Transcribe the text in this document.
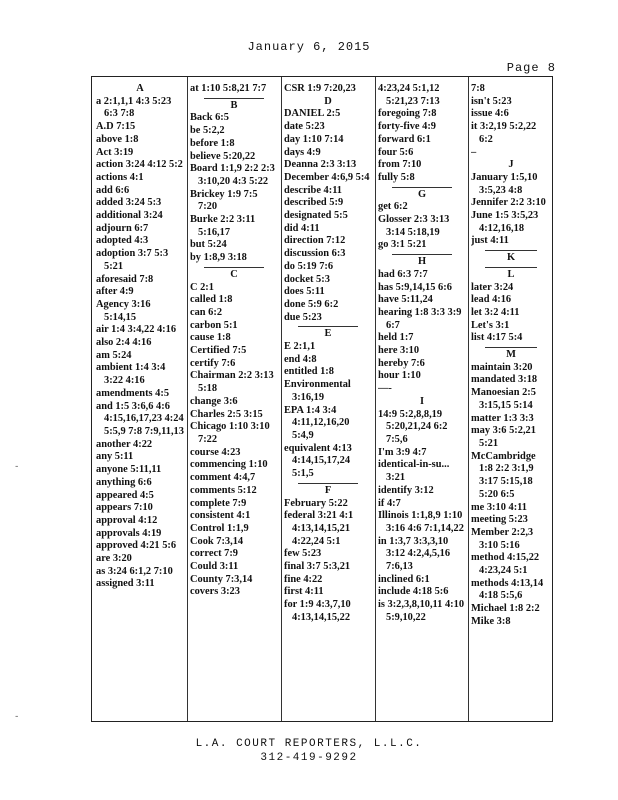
January 6, 2015
Page 8
A
a 2:1,1,1 4:3 5:23 6:3 7:8
A.D 7:15
above 1:8
Act 3:19
action 3:24 4:12 5:2
actions 4:1
add 6:6
added 3:24 5:3
additional 3:24
adjourn 6:7
adopted 4:3
adoption 3:7 5:3 5:21
aforesaid 7:8
after 4:9
Agency 3:16 5:14,15
air 1:4 3:4,22 4:16
also 2:4 4:16
am 5:24
ambient 1:4 3:4 3:22 4:16
amendments 4:5
and 1:5 3:6,6 4:6 4:15,16,17,23 4:24 5:5,9 7:8 7:9,11,13
another 4:22
any 5:11
anyone 5:11,11
anything 6:6
appeared 4:5
appears 7:10
approval 4:12
approvals 4:19
approved 4:21 5:6
are 3:20
as 3:24 6:1,2 7:10
assigned 3:11
at 1:10 5:8,21 7:7
B
Back 6:5
be 5:2,2
before 1:8
believe 5:20,22
Board 1:1,9 2:2 2:3 3:10,20 4:3 5:22
Brickey 1:9 7:5 7:20
Burke 2:2 3:11 5:16,17
but 5:24
by 1:8,9 3:18
C
C 2:1
called 1:8
can 6:2
carbon 5:1
cause 1:8
Certified 7:5
certify 7:6
Chairman 2:2 3:13 5:18
change 3:6
Charles 2:5 3:15
Chicago 1:10 3:10 7:22
course 4:23
commencing 1:10
comment 4:4,7
comments 5:12
complete 7:9
consistent 4:1
Control 1:1,9
Cook 7:3,14
correct 7:9
Could 3:11
County 7:3,14
covers 3:23
CSR 1:9 7:20,23
D
DANIEL 2:5
date 5:23
day 1:10 7:14
days 4:9
Deanna 2:3 3:13
December 4:6,9 5:4
describe 4:11
described 5:9
designated 5:5
did 4:11
direction 7:12
discussion 6:3
do 5:19 7:6
docket 5:3
does 5:11
done 5:9 6:2
due 5:23
E
E 2:1,1
end 4:8
entitled 1:8
Environmental 3:16,19
EPA 1:4 3:4 4:11,12,16,20 5:4,9
equivalent 4:13 4:14,15,17,24 5:1,5
F
February 5:22
federal 3:21 4:1 4:13,14,15,21 4:22,24 5:1
few 5:23
final 3:7 5:3,21
fine 4:22
first 4:11
for 1:9 4:3,7,10 4:13,14,15,22
4:23,24 5:1,12 5:21,23 7:13
foregoing 7:8
forty-five 4:9
forward 6:1
four 5:6
from 7:10
fully 5:8
G
get 6:2
Glosser 2:3 3:13 3:14 5:18,19
go 3:1 5:21
H
had 6:3 7:7
has 5:9,14,15 6:6
have 5:11,24
hearing 1:8 3:3 3:9 6:7
held 1:7
here 3:10
hereby 7:6
hour 1:10
—-
I
14:9 5:2,8,8,19 5:20,21,24 6:2 7:5,6
I'm 3:9 4:7
identical-in-su... 3:21
identify 3:12
if 4:7
Illinois 1:1,8,9 1:10 3:16 4:6 7:1,14,22
in 1:3,7 3:3,3,10 3:12 4:2,4,5,16 7:6,13
inclined 6:1
include 4:18 5:6
is 3:2,3,8,10,11 4:10 5:9,10,22
7:8
isn't 5:23
issue 4:6
it 3:2,19 5:2,22 6:2
–
J
January 1:5,10 3:5,23 4:8
Jennifer 2:2 3:10
June 1:5 3:5,23 4:12,16,18
just 4:11
K
L
later 3:24
lead 4:16
let 3:2 4:11
Let's 3:1
list 4:17 5:4
M
maintain 3:20
mandated 3:18
Manoesian 2:5 3:15,15 5:14
matter 1:3 3:3
may 3:6 5:2,21 5:21
McCambridge 1:8 2:2 3:1,9 3:17 5:15,18 5:20 6:5
me 3:10 4:11
meeting 5:23
Member 2:2,3 3:10 5:16
method 4:15,22 4:23,24 5:1
methods 4:13,14 4:18 5:5,6
Michael 1:8 2:2
Mike 3:8
-
-
L.A. COURT REPORTERS, L.L.C.
312-419-9292
